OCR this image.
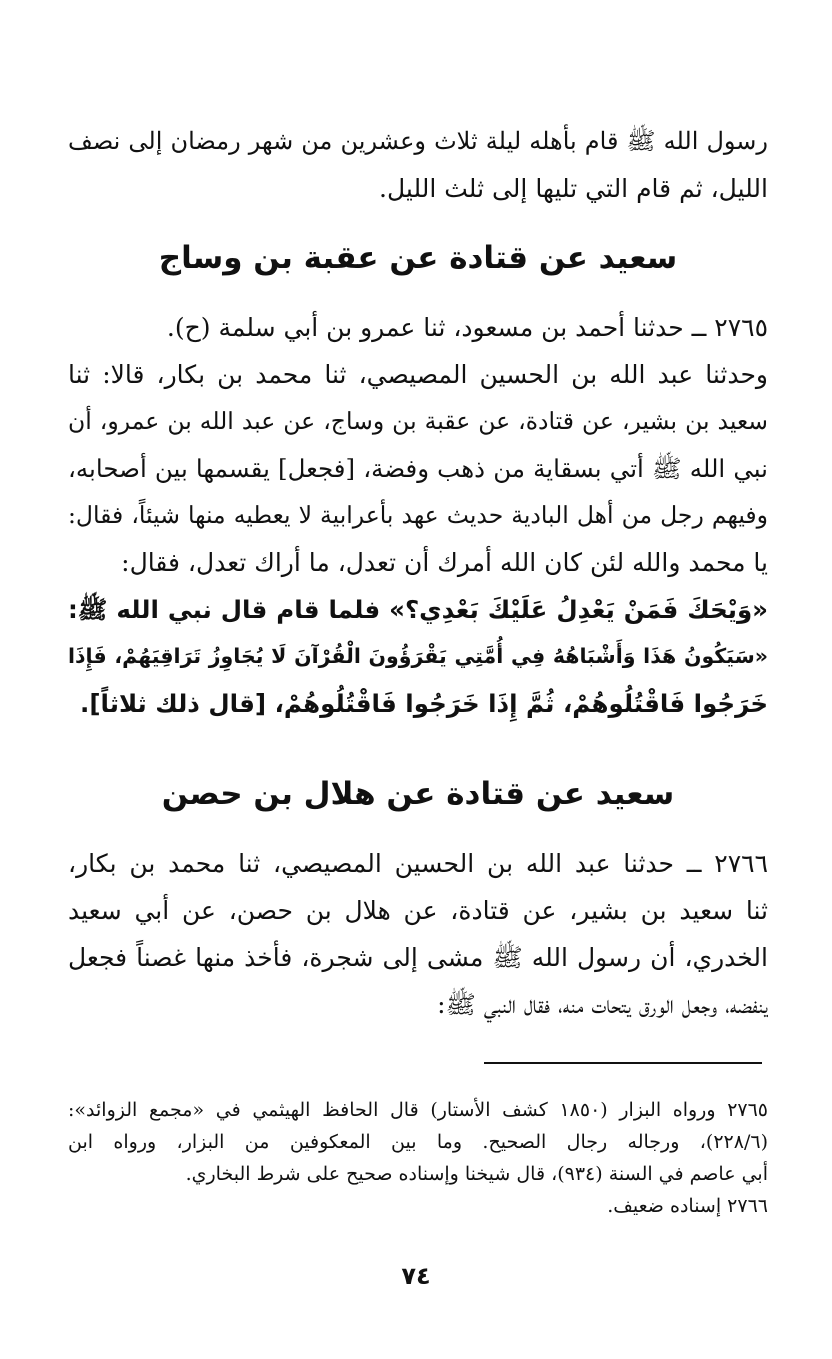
رسول الله ﷺ قام بأهله ليلة ثلاث وعشرين من شهر رمضان إلى نصف
الليل، ثم قام التي تليها إلى ثلث الليل.
سعيد عن قتادة عن عقبة بن وساج
٢٧٦٥ ــ حدثنا أحمد بن مسعود، ثنا عمرو بن أبي سلمة (ح).
وحدثنا عبد الله بن الحسين المصيصي، ثنا محمد بن بكار، قالا: ثنا
سعيد بن بشير، عن قتادة، عن عقبة بن وساج، عن عبد الله بن عمرو، أن
نبي الله ﷺ أتي بسقاية من ذهب وفضة، [فجعل] يقسمها بين أصحابه،
وفيهم رجل من أهل البادية حديث عهد بأعرابية لا يعطيه منها شيئاً، فقال:
يا محمد والله لئن كان الله أمرك أن تعدل، ما أراك تعدل، فقال:
«وَيْحَكَ فَمَنْ يَعْدِلُ عَلَيْكَ بَعْدِي؟» فلما قام قال نبي الله ﷺ:
«سَيَكُونُ هَذَا وَأَشْبَاهُهُ فِي أُمَّتِي يَقْرَؤُونَ الْقُرْآنَ لَا يُجَاوِزُ تَرَاقِيَهُمْ، فَإِذَا
خَرَجُوا فَاقْتُلُوهُمْ، ثُمَّ إِذَا خَرَجُوا فَاقْتُلُوهُمْ، [قال ذلك ثلاثاً].
سعيد عن قتادة عن هلال بن حصن
٢٧٦٦ ــ حدثنا عبد الله بن الحسين المصيصي، ثنا محمد بن بكار،
ثنا سعيد بن بشير، عن قتادة، عن هلال بن حصن، عن أبي سعيد
الخدري، أن رسول الله ﷺ مشى إلى شجرة، فأخذ منها غصناً فجعل
ينفضه، وجعل الورق يتحات منه، فقال النبي ﷺ:
٢٧٦٥ ورواه البزار (١٨٥٠ كشف الأستار) قال الحافظ الهيثمي في «مجمع الزوائد»:
(٢٢٨/٦)، ورجاله رجال الصحيح. وما بين المعكوفين من البزار، ورواه ابن
أبي عاصم في السنة (٩٣٤)، قال شيخنا وإسناده صحيح على شرط البخاري.
٢٧٦٦ إسناده ضعيف.
٧٤
